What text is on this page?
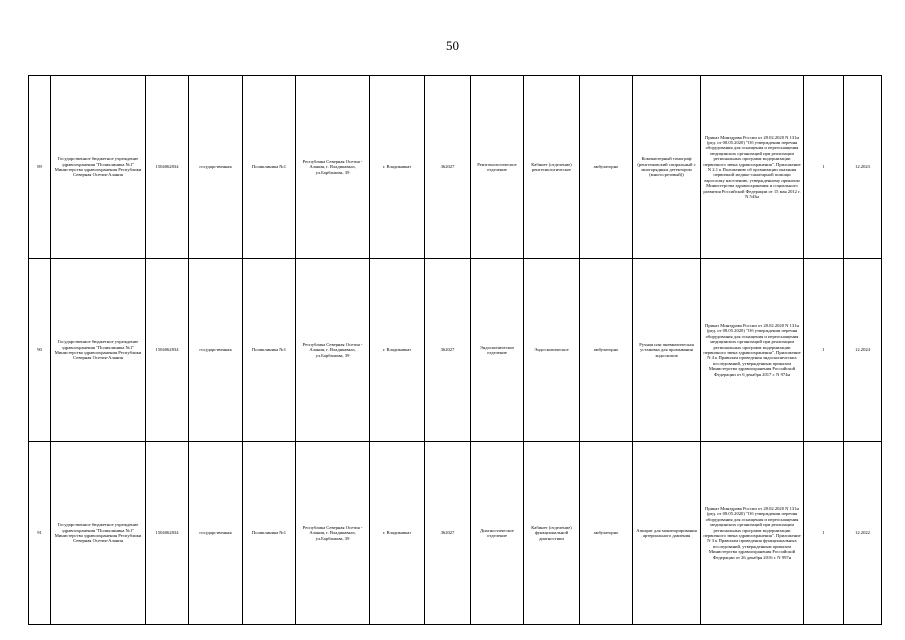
50
89	Государственное бюджетное учреждение здравоохранения "Поликлиника №1" Министерства здравоохранения Республики Северная Осетия-Алания	1504062834	государственная	Поликлиника №1	Республика Северная Осетия - Алания, г. Владикавказ, ул.Барбашова, 39	г. Владикавказ	362027	Рентгенологическое отделение	Кабинет (отделение) рентгенологическое	амбулаторно	Компьютерный томограф (рентгеновский спиральный с многорядным детектором (многосрезовый))	Приказ Минздрава России от 28.02.2020 N 131н (ред. от 08.05.2020) "Об утверждении перечня оборудования для оснащения и переоснащения медицинских организаций при реализации региональных программ модернизации первичного звена здравоохранения". Приложение N 2.1 к Положению об организации оказания первичной медико-санитарной помощи взрослому населению, утвержденному приказом Министерства здравоохранения и социального развития Российской Федерации от 15 мая 2012 г. N 543н	1	12.2023
90	Государственное бюджетное учреждение здравоохранения "Поликлиника №1" Министерства здравоохранения Республики Северная Осетия-Алания	1504062834	государственная	Поликлиника №1	Республика Северная Осетия - Алания, г. Владикавказ, ул.Барбашова, 39	г. Владикавказ	362027	Эндоскопическое отделение	Эндоскопическое	амбулаторно	Ручная или пневматическая установка для промывания эндоскопов	Приказ Минздрава России от 28.02.2020 N 131н (ред. от 08.05.2020) "Об утверждении перечня оборудования для оснащения и переоснащения медицинских организаций при реализации региональных программ модернизации первичного звена здравоохранения". Приложение N 4 к Правилам проведения эндоскопических исследований, утвержденным приказом Министерства здравоохранения Российской Федерации от 6 декабря 2017 г. N 974н	1	12.2024
91	Государственное бюджетное учреждение здравоохранения "Поликлиника №1" Министерства здравоохранения Республики Северная Осетия-Алания	1504062834	государственная	Поликлиника №1	Республика Северная Осетия - Алания, г. Владикавказ, ул.Барбашова, 39	г. Владикавказ	362027	Диагностическое отделение	Кабинет (отделение) функциональной диагностики	амбулаторно	Аппарат для мониторирования артериального давления	Приказ Минздрава России от 28.02.2020 N 131н (ред. от 08.05.2020) "Об утверждении перечня оборудования для оснащения и переоснащения медицинских организаций при реализации региональных программ модернизации первичного звена здравоохранения". Приложение N 3 к Правилам проведения функциональных исследований, утвержденным приказом Министерства здравоохранения Российской Федерации от 26 декабря 2016 г. N 997н	1	12.2022
